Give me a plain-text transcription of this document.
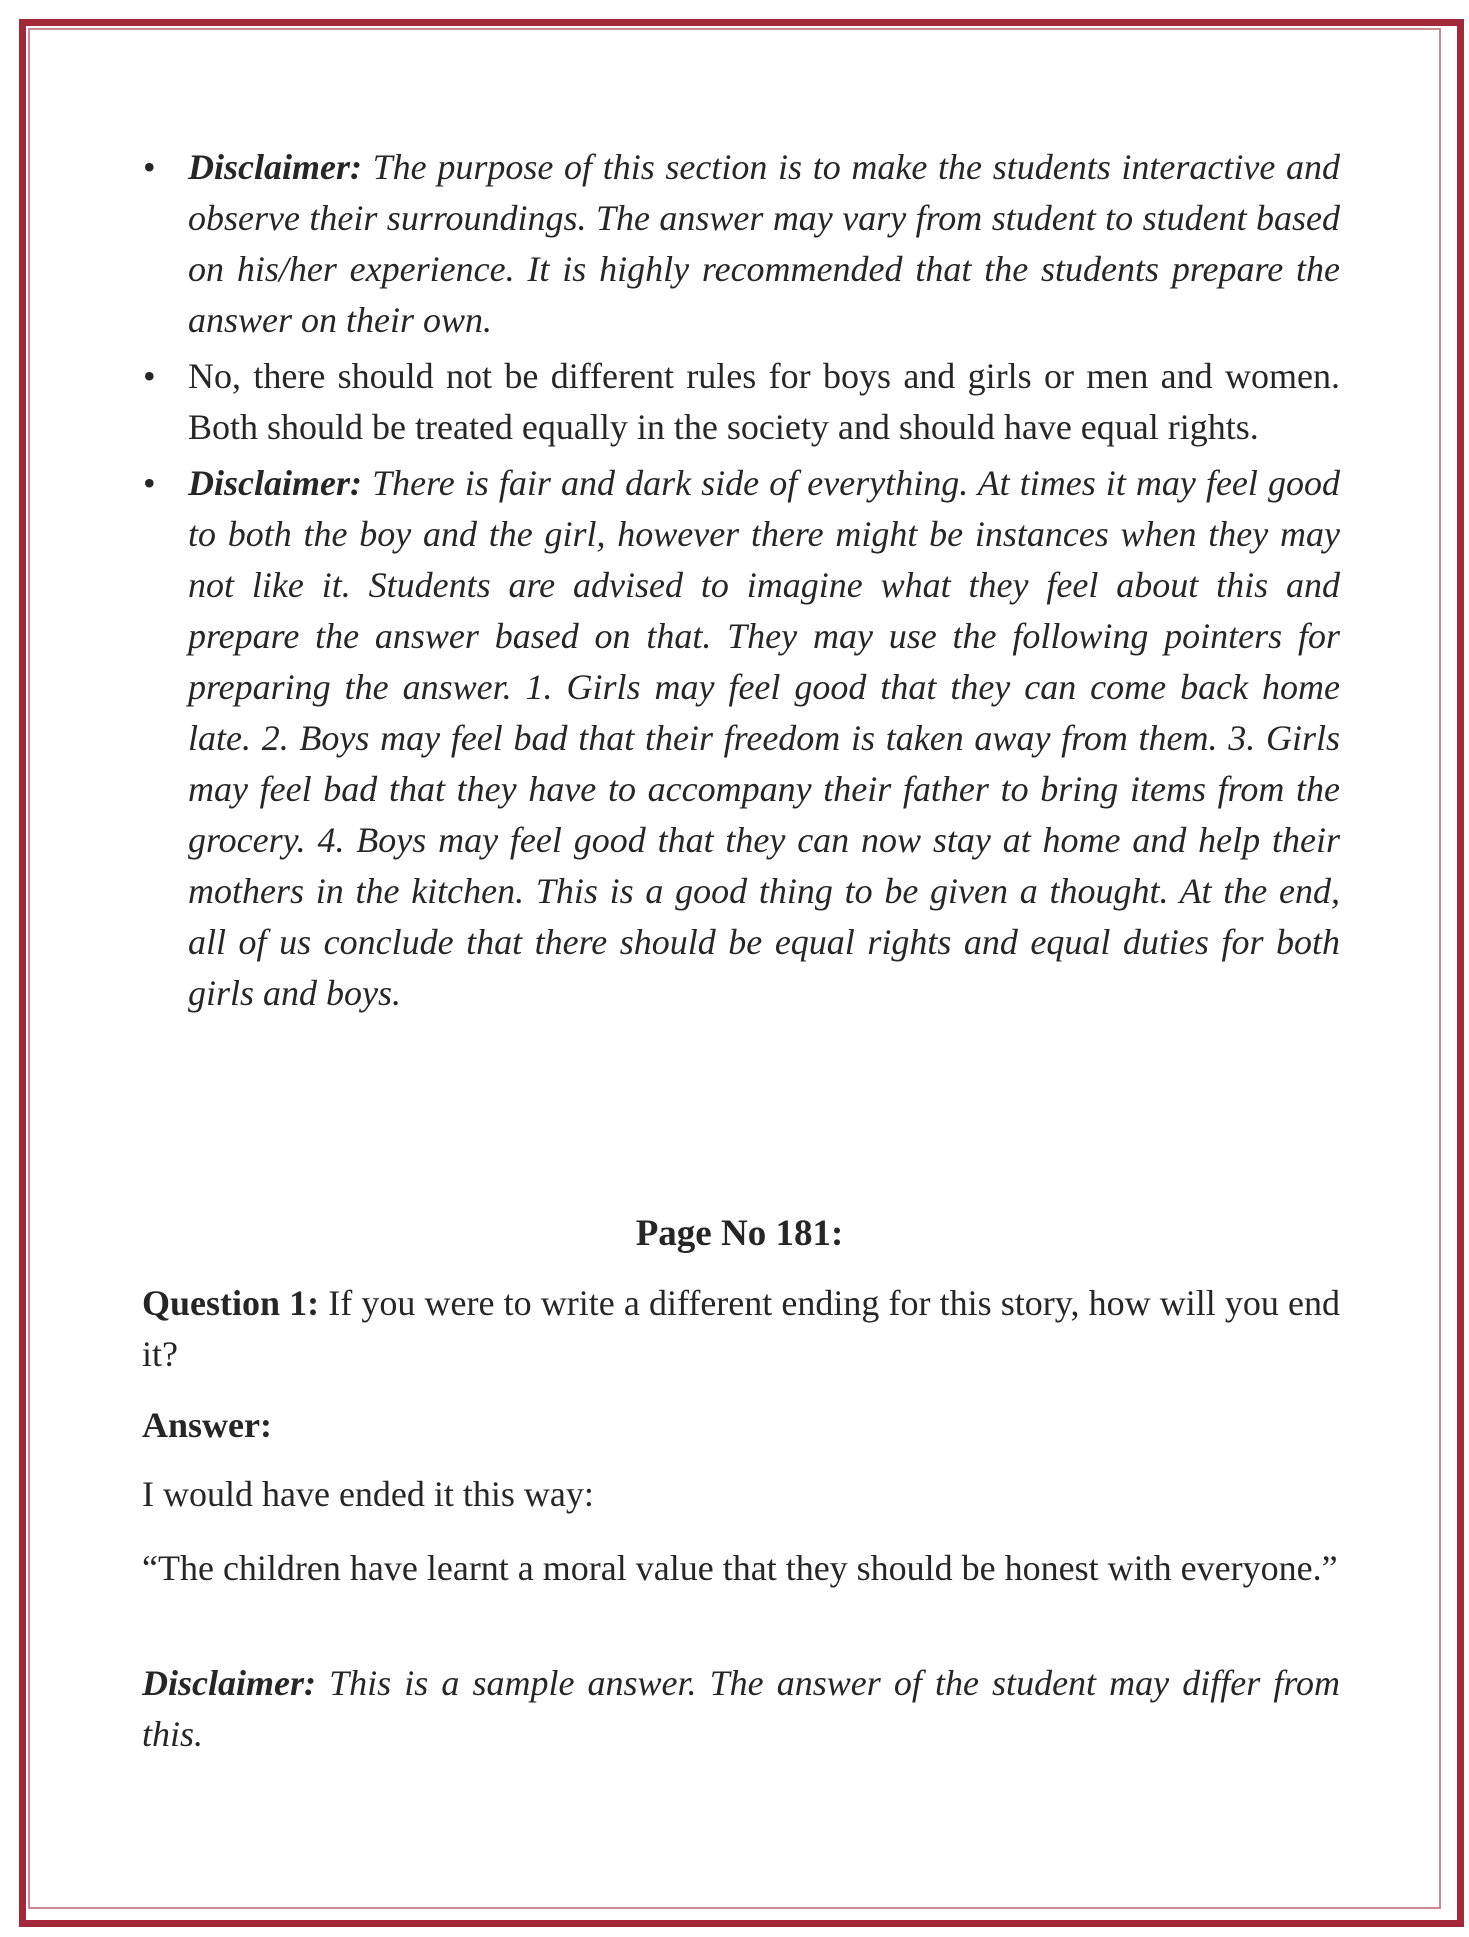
• Disclaimer: The purpose of this section is to make the students interactive and observe their surroundings. The answer may vary from student to student based on his/her experience. It is highly recommended that the students prepare the answer on their own.
• No, there should not be different rules for boys and girls or men and women. Both should be treated equally in the society and should have equal rights.
• Disclaimer: There is fair and dark side of everything. At times it may feel good to both the boy and the girl, however there might be instances when they may not like it. Students are advised to imagine what they feel about this and prepare the answer based on that. They may use the following pointers for preparing the answer. 1. Girls may feel good that they can come back home late. 2. Boys may feel bad that their freedom is taken away from them. 3. Girls may feel bad that they have to accompany their father to bring items from the grocery. 4. Boys may feel good that they can now stay at home and help their mothers in the kitchen. This is a good thing to be given a thought. At the end, all of us conclude that there should be equal rights and equal duties for both girls and boys.
Page No 181:

Question 1: If you were to write a different ending for this story, how will you end it?

Answer:

I would have ended it this way:

“The children have learnt a moral value that they should be honest with everyone.”

Disclaimer: This is a sample answer. The answer of the student may differ from this.
